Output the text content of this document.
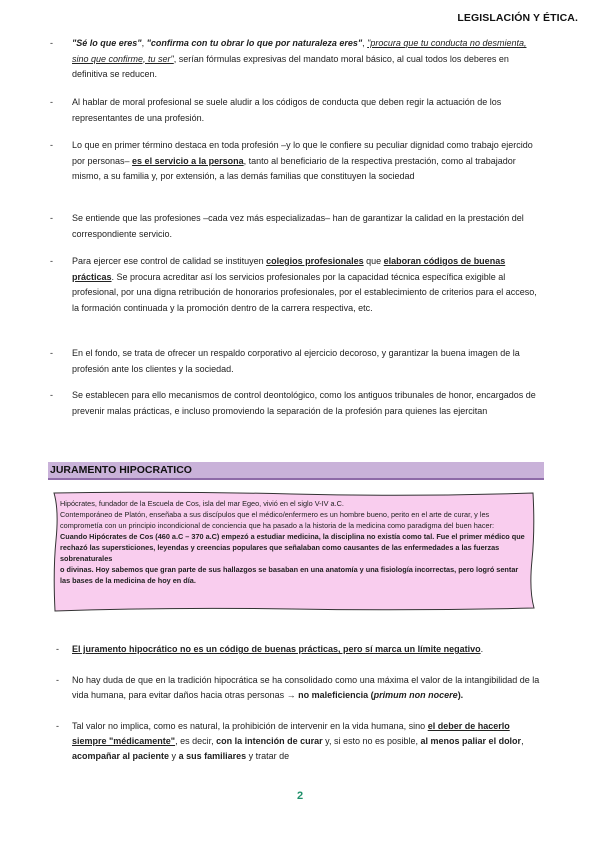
LEGISLACIÓN Y ÉTICA.
- "Sé lo que eres", "confirma con tu obrar lo que por naturaleza eres", "procura que tu conducta no desmienta, sino que confirme, tu ser", serían fórmulas expresivas del mandato moral básico, al cual todos los deberes en definitiva se reducen.
- Al hablar de moral profesional se suele aludir a los códigos de conducta que deben regir la actuación de los representantes de una profesión.
- Lo que en primer término destaca en toda profesión –y lo que le confiere su peculiar dignidad como trabajo ejercido por personas– es el servicio a la persona, tanto al beneficiario de la respectiva prestación, como al trabajador mismo, a su familia y, por extensión, a las demás familias que constituyen la sociedad
- Se entiende que las profesiones –cada vez más especializadas– han de garantizar la calidad en la prestación del correspondiente servicio.
- Para ejercer ese control de calidad se instituyen colegios profesionales que elaboran códigos de buenas prácticas. Se procura acreditar así los servicios profesionales por la capacidad técnica específica exigible al profesional, por una digna retribución de honorarios profesionales, por el establecimiento de criterios para el acceso, la formación continuada y la promoción dentro de la carrera respectiva, etc.
- En el fondo, se trata de ofrecer un respaldo corporativo al ejercicio decoroso, y garantizar la buena imagen de la profesión ante los clientes y la sociedad.
- Se establecen para ello mecanismos de control deontológico, como los antiguos tribunales de honor, encargados de prevenir malas prácticas, e incluso promoviendo la separación de la profesión para quienes las ejercitan
JURAMENTO HIPOCRATICO

Hipócrates, fundador de la Escuela de Cos, isla del mar Egeo, vivió en el siglo V-IV a.C.

Contemporáneo de Platón, enseñaba a sus discípulos que el médico/enfermero es un hombre bueno, perito en el arte de curar, y les comprometía con un principio incondicional de conciencia que ha pasado a la historia de la medicina como paradigma del buen hacer:

Cuando Hipócrates de Cos (460 a.C – 370 a.C) empezó a estudiar medicina, la disciplina no existía como tal. Fue el primer médico que rechazó las supersticiones, leyendas y creencias populares que señalaban como causantes de las enfermedades a las fuerzas sobrenaturales

o divinas. Hoy sabemos que gran parte de sus hallazgos se basaban en una anatomía y una fisiología incorrectas, pero logró sentar las bases de la medicina de hoy en día.

- El juramento hipocrático no es un código de buenas prácticas, pero sí marca un límite negativo.
- No hay duda de que en la tradición hipocrática se ha consolidado como una máxima el valor de la intangibilidad de la vida humana, para evitar daños hacia otras personas → no maleficiencia (primum non nocere).
- Tal valor no implica, como es natural, la prohibición de intervenir en la vida humana, sino el deber de hacerlo siempre "médicamente", es decir, con la intención de curar y, si esto no es posible, al menos paliar el dolor, acompañar al paciente y a sus familiares y tratar de
2
